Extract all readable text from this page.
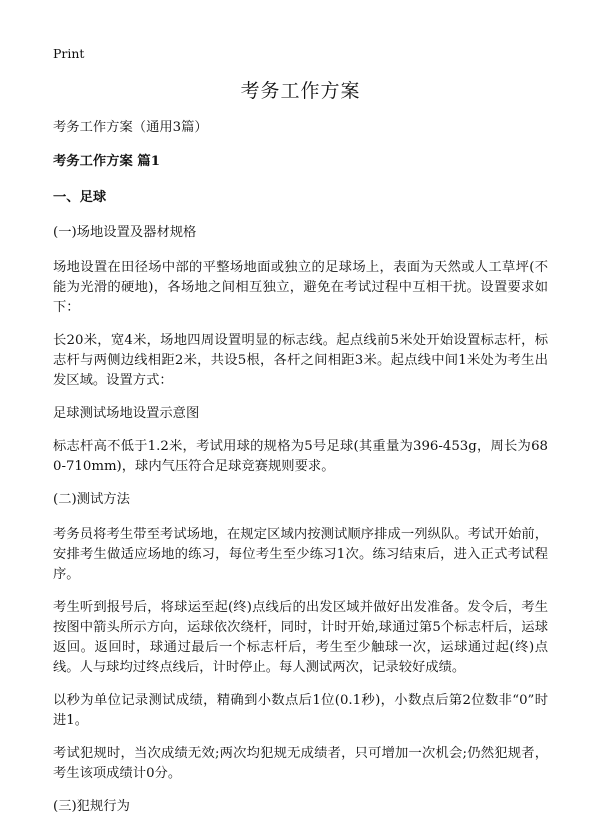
Print
考务工作方案

考务工作方案（通用3篇）

考务工作方案 篇1

一、足球

(一)场地设置及器材规格

场地设置在田径场中部的平整场地面或独立的足球场上，表面为天然或人工草坪(不能为光滑的硬地)，各场地之间相互独立，避免在考试过程中互相干扰。设置要求如下：

长20米，宽4米，场地四周设置明显的标志线。起点线前5米处开始设置标志杆，标志杆与两侧边线相距2米，共设5根，各杆之间相距3米。起点线中间1米处为考生出发区域。设置方式：

足球测试场地设置示意图

标志杆高不低于1.2米，考试用球的规格为5号足球(其重量为396-453g，周长为680-710mm)，球内气压符合足球竞赛规则要求。

(二)测试方法

考务员将考生带至考试场地，在规定区域内按测试顺序排成一列纵队。考试开始前，安排考生做适应场地的练习，每位考生至少练习1次。练习结束后，进入正式考试程序。

考生听到报号后，将球运至起(终)点线后的出发区域并做好出发准备。发令后，考生按图中箭头所示方向，运球依次绕杆，同时，计时开始,球通过第5个标志杆后，运球返回。返回时，球通过最后一个标志杆后，考生至少触球一次，运球通过起(终)点线。人与球均过终点线后，计时停止。每人测试两次，记录较好成绩。

以秒为单位记录测试成绩，精确到小数点后1位(0.1秒)，小数点后第2位数非“0”时进1。

考试犯规时，当次成绩无效;两次均犯规无成绩者，只可增加一次机会;仍然犯规者，考生该项成绩计0分。

(三)犯规行为
